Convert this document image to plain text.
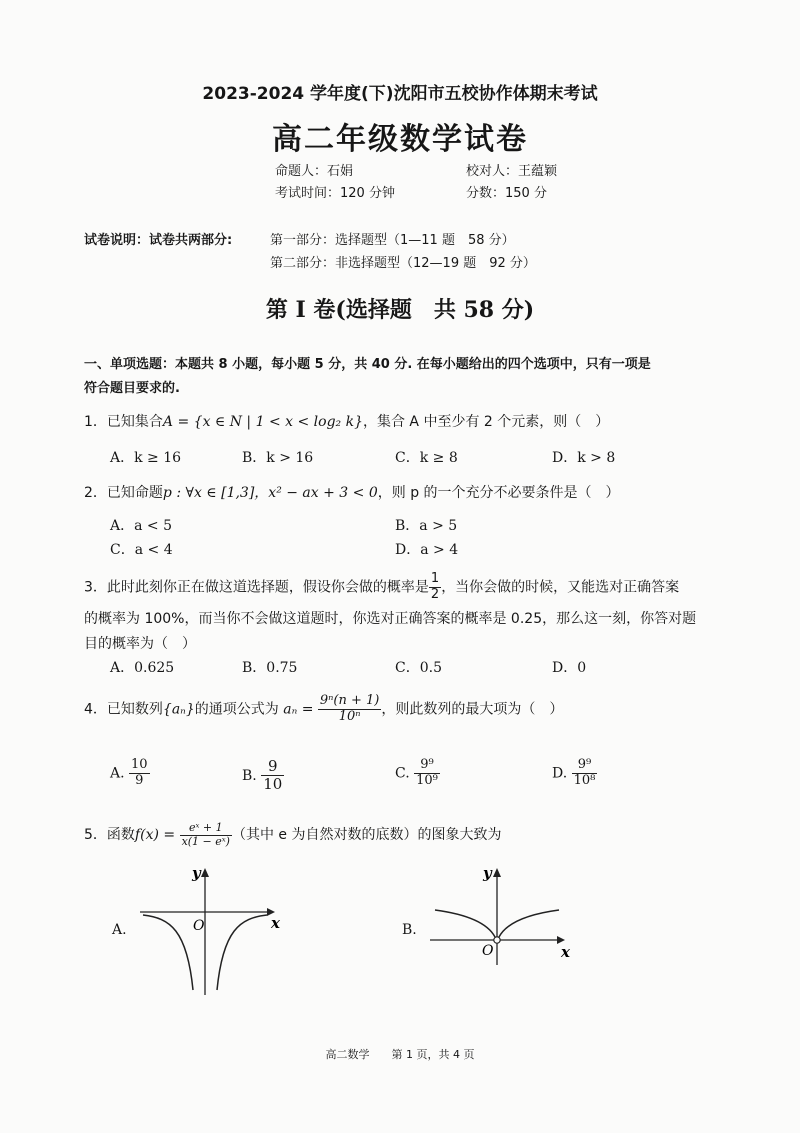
2023-2024 学年度(下)沈阳市五校协作体期末考试
高二年级数学试卷
命题人：石娟	校对人：王蕴颖
考试时间：120 分钟	分数：150 分
试卷说明：试卷共两部分:	第一部分：选择题型（1—11 题　58 分）
第二部分：非选择题型（12—19 题　92 分）
第 I 卷(选择题　共 58 分)
一、单项选题：本题共 8 小题，每小题 5 分，共 40 分. 在每小题给出的四个选项中，只有一项是
符合题目要求的.
1．已知集合A = {x ∈ N | 1 < x < log₂ k}，集合 A 中至少有 2 个元素，则（　）
A．k ≥ 16	B．k > 16	C．k ≥ 8	D．k > 8
2．已知命题p : ∀x ∈ [1,3]，x² − ax + 3 < 0，则 p 的一个充分不必要条件是（　）
A．a < 5	B．a > 5
C．a < 4	D．a > 4
3．此时此刻你正在做这道选择题，假设你会做的概率是 $\frac{1}{2}$ ，当你会做的时候，又能选对正确答案
的概率为 100%，而当你不会做这道题时，你选对正确答案的概率是 0.25，那么这一刻，你答对题
目的概率为（　）
A．0.625	B．0.75	C．0.5	D．0
4．已知数列{aₙ}的通项公式为 $a_n = \frac{\text{9ⁿ(n + 1)}}{\text{10ⁿ}}$ ，则此数列的最大项为（　）
A. $\frac{10}{9}$	B. $\frac{9}{10}$	C. $\frac{\text{9⁹}}{\text{10⁹}}$	D. $\frac{\text{9⁹}}{\text{10⁸}}$
5．函数$f(x) = \frac{\text{eˣ + 1}}{\text{x(1 − eˣ)}}$ （其中 e 为自然对数的底数）的图象大致为
A.
y
x
O	B.
y
x
O
高二数学　　第 1 页，共 4 页
